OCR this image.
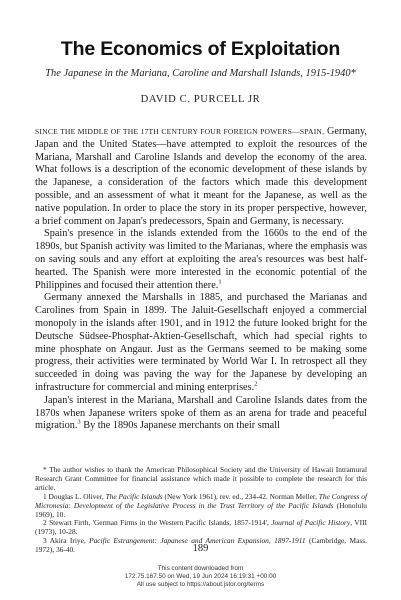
The Economics of Exploitation
The Japanese in the Mariana, Caroline and Marshall Islands, 1915-1940*
DAVID C. PURCELL JR

SINCE THE MIDDLE OF THE 17TH CENTURY FOUR FOREIGN POWERS—SPAIN, Germany, Japan and the United States—have attempted to exploit the resources of the Mariana, Marshall and Caroline Islands and develop the economy of the area. What follows is a description of the economic development of these islands by the Japanese, a consideration of the factors which made this development possible, and an assessment of what it meant for the Japanese, as well as the native population. In order to place the story in its proper perspective, however, a brief comment on Japan's predecessors, Spain and Germany, is necessary.

Spain's presence in the islands extended from the 1660s to the end of the 1890s, but Spanish activity was limited to the Marianas, where the emphasis was on saving souls and any effort at exploiting the area's resources was best half-hearted. The Spanish were more interested in the economic potential of the Philippines and focused their attention there.$^1$

Germany annexed the Marshalls in 1885, and purchased the Marianas and Carolines from Spain in 1899. The Jaluit-Gesellschaft enjoyed a commercial monopoly in the islands after 1901, and in 1912 the future looked bright for the Deutsche Südsee-Phosphat-Aktien-Gesellschaft, which had special rights to mine phosphate on Angaur. Just as the Germans seemed to be making some progress, their activities were terminated by World War I. In retrospect all they succeeded in doing was paving the way for the Japanese by developing an infrastructure for commercial and mining enterprises.$^2$

Japan's interest in the Mariana, Marshall and Caroline Islands dates from the 1870s when Japanese writers spoke of them as an arena for trade and peaceful migration.$^3$ By the 1890s Japanese merchants on their small

* The author wishes to thank the American Philosophical Society and the University of Hawaii Intramural Research Grant Committee for financial assistance which made it possible to complete the research for this article.

1 Douglas L. Oliver, The Pacific Islands (New York 1961), rev. ed., 234-42. Norman Meller, The Congress of Micronesia: Development of the Legislative Process in the Trust Territory of the Pacific Islands (Honolulu 1969), 10.

2 Stewart Firth, 'German Firms in the Western Pacific Islands, 1857-1914', Journal of Pacific History, VIII (1973), 10-28.

3 Akira Iriye, Pacific Estrangement: Japanese and American Expansion, 1897-1911 (Cambridge, Mass. 1972), 36-40.	189
This content downloaded from
172.75.167.50 on Wed, 19 Jun 2024 16:19:31 +00:00
All use subject to https://about.jstor.org/terms
